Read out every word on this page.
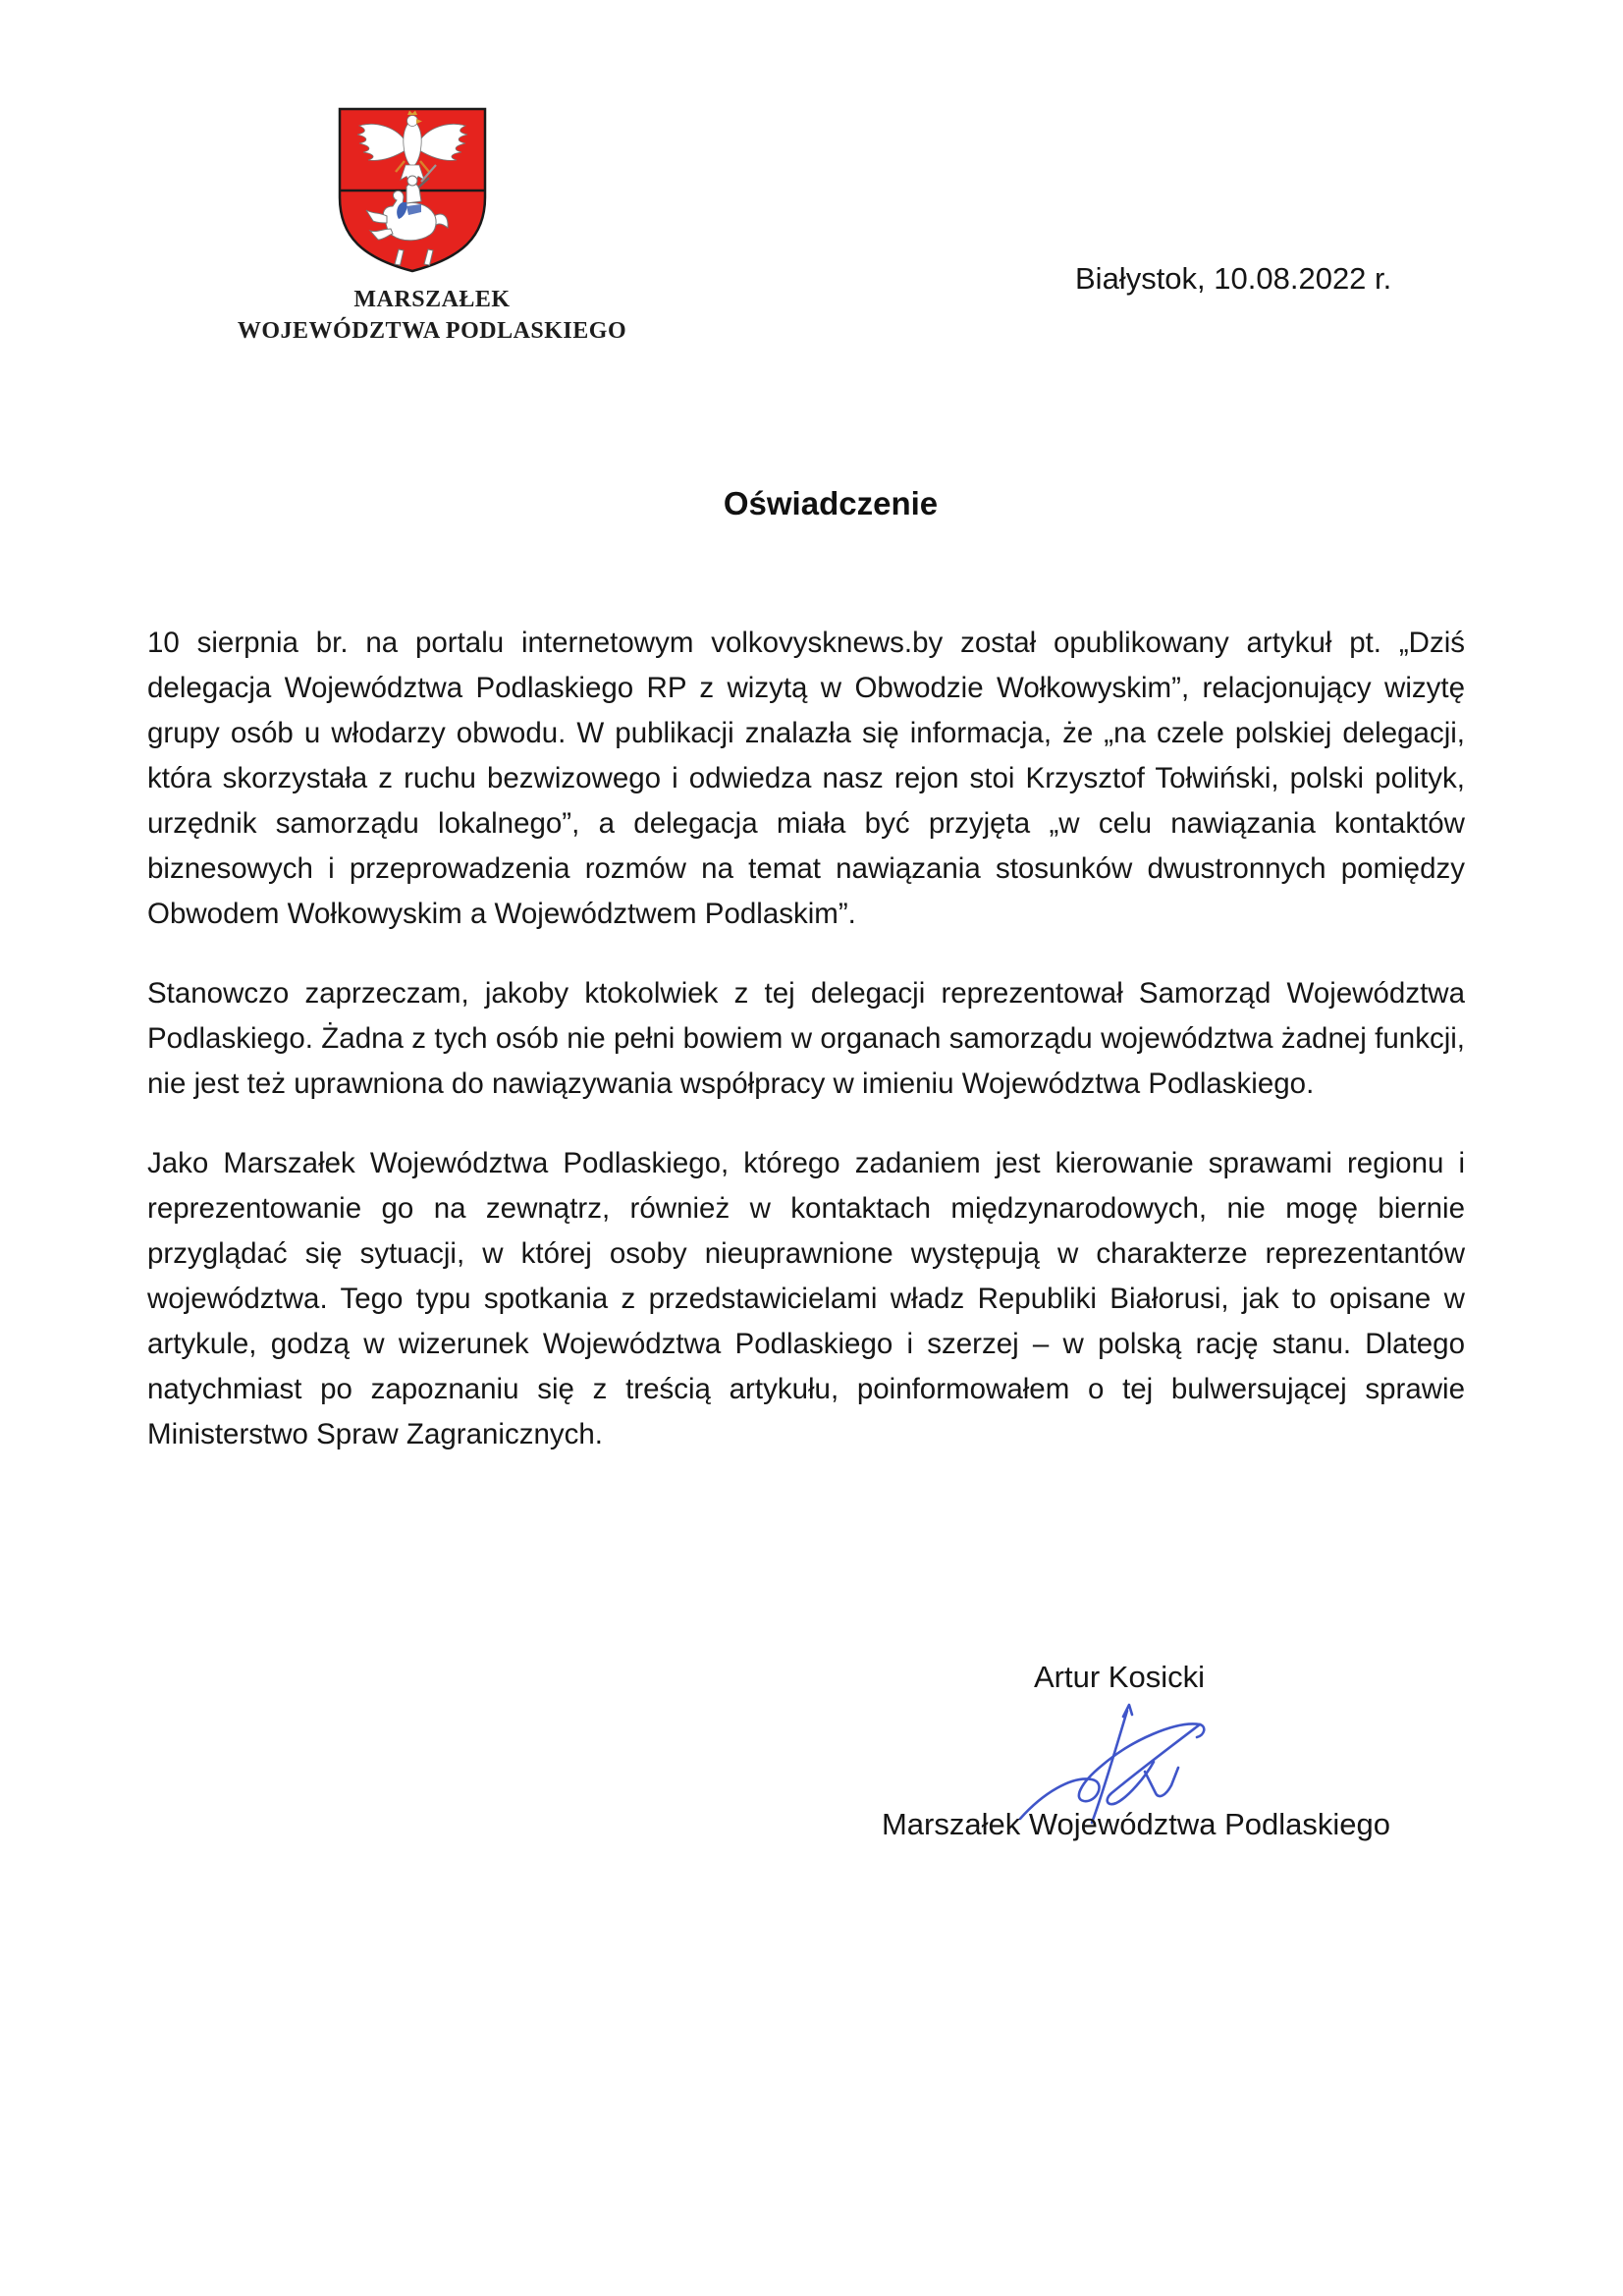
MARSZAŁEK
WOJEWÓDZTWA PODLASKIEGO
Białystok, 10.08.2022 r.
Oświadczenie

10 sierpnia br. na portalu internetowym volkovysknews.by został opublikowany artykuł pt. „Dziś delegacja Województwa Podlaskiego RP z wizytą w Obwodzie Wołkowyskim”, relacjonujący wizytę grupy osób u włodarzy obwodu. W publikacji znalazła się informacja, że „na czele polskiej delegacji, która skorzystała z ruchu bezwizowego i odwiedza nasz rejon stoi Krzysztof Tołwiński, polski polityk, urzędnik samorządu lokalnego”, a delegacja miała być przyjęta „w celu nawiązania kontaktów biznesowych i przeprowadzenia rozmów na temat nawiązania stosunków dwustronnych pomiędzy Obwodem Wołkowyskim a Województwem Podlaskim”.

Stanowczo zaprzeczam, jakoby ktokolwiek z tej delegacji reprezentował Samorząd Województwa Podlaskiego. Żadna z tych osób nie pełni bowiem w organach samorządu województwa żadnej funkcji, nie jest też uprawniona do nawiązywania współpracy w imieniu Województwa Podlaskiego.

Jako Marszałek Województwa Podlaskiego, którego zadaniem jest kierowanie sprawami regionu i reprezentowanie go na zewnątrz, również w kontaktach międzynarodowych, nie mogę biernie przyglądać się sytuacji, w której osoby nieuprawnione występują w charakterze reprezentantów województwa. Tego typu spotkania z przedstawicielami władz Republiki Białorusi, jak to opisane w artykule, godzą w wizerunek Województwa Podlaskiego i szerzej – w polską rację stanu. Dlatego natychmiast po zapoznaniu się z treścią artykułu, poinformowałem o tej bulwersującej sprawie Ministerstwo Spraw Zagranicznych.

Artur Kosicki
Marszałek Województwa Podlaskiego
